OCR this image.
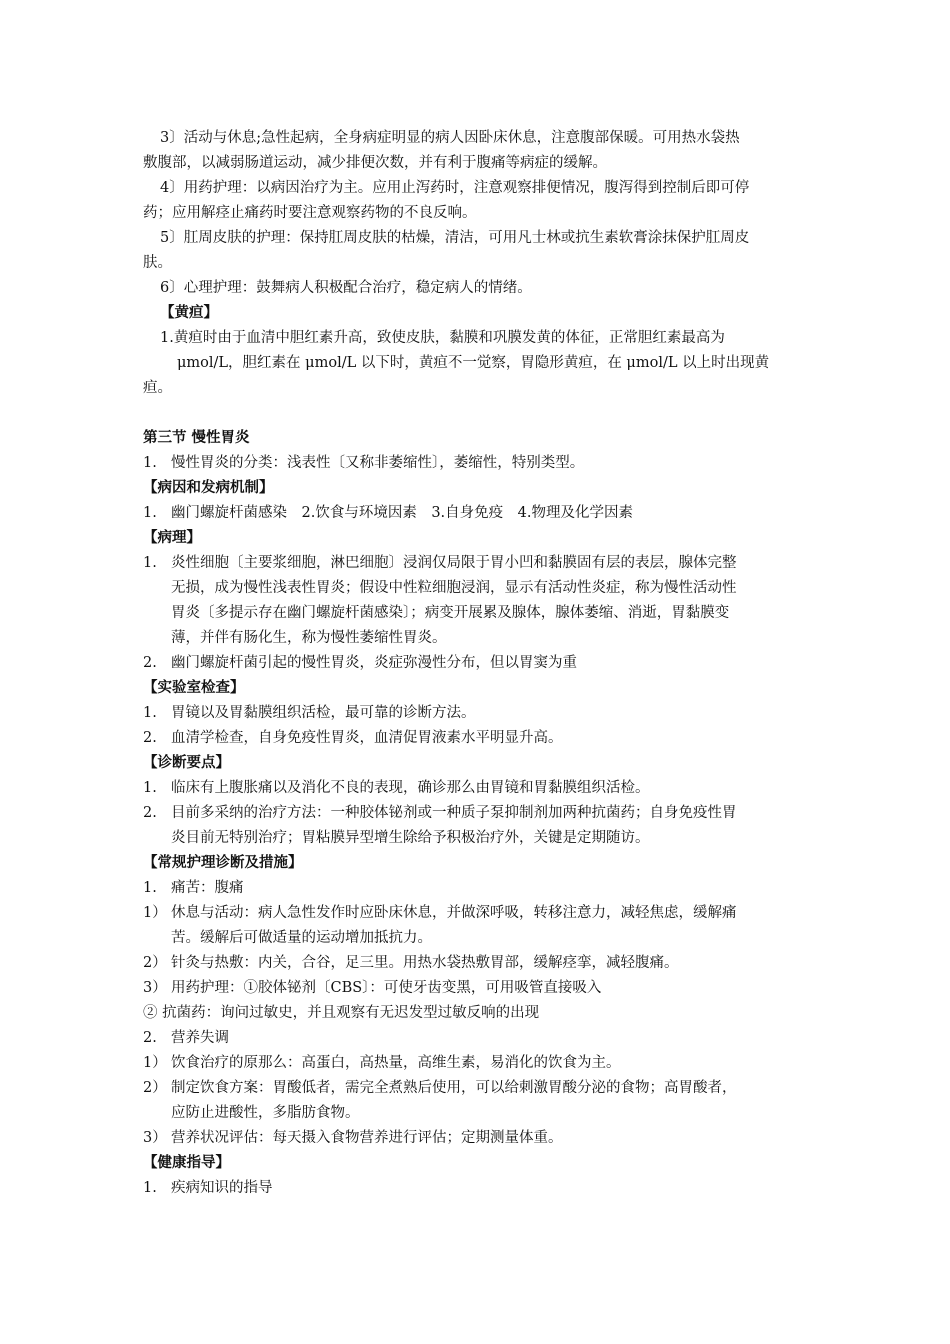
3〕活动与休息;急性起病，全身病症明显的病人因卧床休息，注意腹部保暖。可用热水袋热
敷腹部，以减弱肠道运动，减少排便次数，并有利于腹痛等病症的缓解。
4〕用药护理：以病因治疗为主。应用止泻药时，注意观察排便情况，腹泻得到控制后即可停
药；应用解痉止痛药时要注意观察药物的不良反响。
5〕肛周皮肤的护理：保持肛周皮肤的枯燥，清洁，可用凡士林或抗生素软膏涂抹保护肛周皮
肤。
6〕心理护理：鼓舞病人积极配合治疗，稳定病人的情绪。
【黄疸】
1.黄疸时由于血清中胆红素升高，致使皮肤，黏膜和巩膜发黄的体征，正常胆红素最高为
μmol/L，胆红素在 μmol/L 以下时，黄疸不一觉察，胃隐形黄疸，在 μmol/L 以上时出现黄
疸。
第三节 慢性胃炎
1. 慢性胃炎的分类：浅表性〔又称非萎缩性〕，萎缩性，特别类型。
【病因和发病机制】
1. 幽门螺旋杆菌感染　2.饮食与环境因素　3.自身免疫　4.物理及化学因素
【病理】
1. 炎性细胞〔主要浆细胞，淋巴细胞〕浸润仅局限于胃小凹和黏膜固有层的表层，腺体完整
无损，成为慢性浅表性胃炎；假设中性粒细胞浸润，显示有活动性炎症，称为慢性活动性
胃炎〔多提示存在幽门螺旋杆菌感染〕；病变开展累及腺体，腺体萎缩、消逝，胃黏膜变
薄，并伴有肠化生，称为慢性萎缩性胃炎。
2. 幽门螺旋杆菌引起的慢性胃炎，炎症弥漫性分布，但以胃窦为重
【实验室检查】
1. 胃镜以及胃黏膜组织活检，最可靠的诊断方法。
2. 血清学检查，自身免疫性胃炎，血清促胃液素水平明显升高。
【诊断要点】
1. 临床有上腹胀痛以及消化不良的表现，确诊那么由胃镜和胃黏膜组织活检。
2. 目前多采纳的治疗方法：一种胶体铋剂或一种质子泵抑制剂加两种抗菌药；自身免疫性胃
炎目前无特别治疗；胃粘膜异型增生除给予积极治疗外，关键是定期随访。
【常规护理诊断及措施】
1. 痛苦：腹痛
1） 休息与活动：病人急性发作时应卧床休息，并做深呼吸，转移注意力，减轻焦虑，缓解痛
苦。缓解后可做适量的运动增加抵抗力。
2） 针灸与热敷：内关，合谷，足三里。用热水袋热敷胃部，缓解痉挛，减轻腹痛。
3） 用药护理：①胶体铋剂〔CBS〕：可使牙齿变黑，可用吸管直接吸入
② 抗菌药：询问过敏史，并且观察有无迟发型过敏反响的出现
2. 营养失调
1） 饮食治疗的原那么：高蛋白，高热量，高维生素，易消化的饮食为主。
2） 制定饮食方案：胃酸低者，需完全煮熟后使用，可以给刺激胃酸分泌的食物；高胃酸者，
应防止进酸性，多脂肪食物。
3） 营养状况评估：每天摄入食物营养进行评估；定期测量体重。
【健康指导】
1. 疾病知识的指导
